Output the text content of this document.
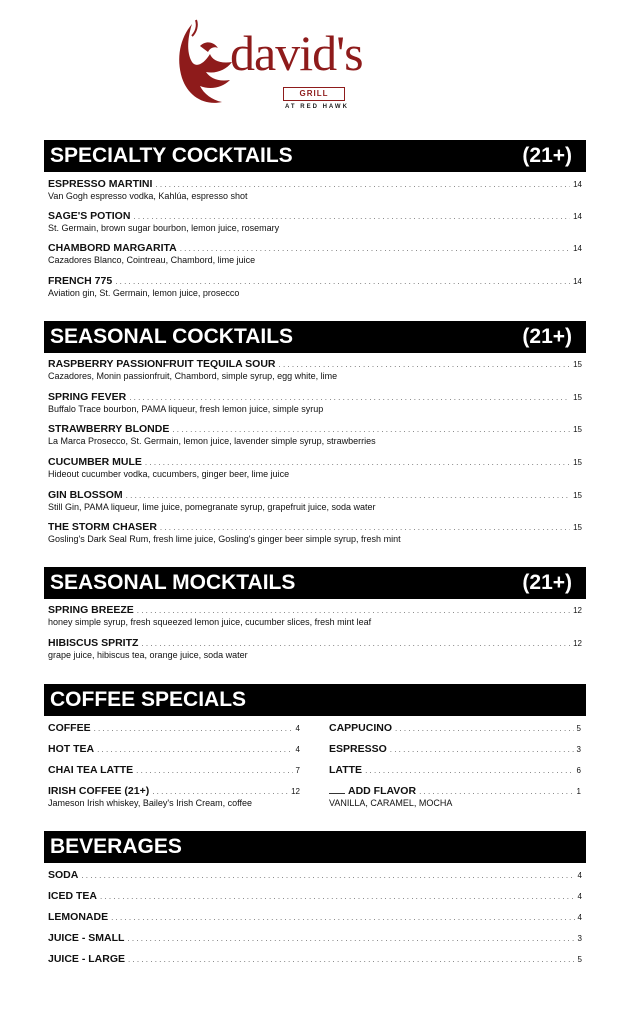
david's
GRILL
AT RED HAWK
SPECIALTY COCKTAILS	(21+)
ESPRESSO MARTINI . . .	14
Van Gogh espresso vodka, Kahlúa, espresso shot
SAGE'S POTION . . .	14
St. Germain, brown sugar bourbon, lemon juice, rosemary
CHAMBORD MARGARITA . . .	14
Cazadores Blanco, Cointreau, Chambord, lime juice
FRENCH 775 . . .	14
Aviation gin, St. Germain, lemon juice, prosecco
SEASONAL COCKTAILS	(21+)
RASPBERRY PASSIONFRUIT TEQUILA SOUR . . .	15
Cazadores, Monin passionfruit, Chambord, simple syrup, egg white, lime
SPRING FEVER . . .	15
Buffalo Trace bourbon, PAMA liqueur, fresh lemon juice, simple syrup
STRAWBERRY BLONDE . . .	15
La Marca Prosecco, St. Germain, lemon juice, lavender simple syrup, strawberries
CUCUMBER MULE . . .	15
Hideout cucumber vodka, cucumbers, ginger beer, lime juice
GIN BLOSSOM . . .	15
Still Gin, PAMA liqueur, lime juice, pomegranate syrup, grapefruit juice, soda water
THE STORM CHASER . . .	15
Gosling's Dark Seal Rum, fresh lime juice, Gosling's ginger beer simple syrup, fresh mint
SEASONAL MOCKTAILS	(21+)
SPRING BREEZE . . .	12
honey simple syrup, fresh squeezed lemon juice, cucumber slices, fresh mint leaf
HIBISCUS SPRITZ . . .	12
grape juice, hibiscus tea, orange juice, soda water
COFFEE SPECIALS
COFFEE . . .	4
HOT TEA . . .	4
CHAI TEA LATTE . . .	7
IRISH COFFEE (21+) . . .	12
Jameson Irish whiskey, Bailey's Irish Cream, coffee
CAPPUCINO . . .	5
ESPRESSO . . .	3
LATTE . . .	6
ADD FLAVOR . . .	1
VANILLA, CARAMEL, MOCHA
BEVERAGES
SODA . . .	4
ICED TEA . . .	4
LEMONADE . . .	4
JUICE - SMALL . . .	3
JUICE - LARGE . . .	5
